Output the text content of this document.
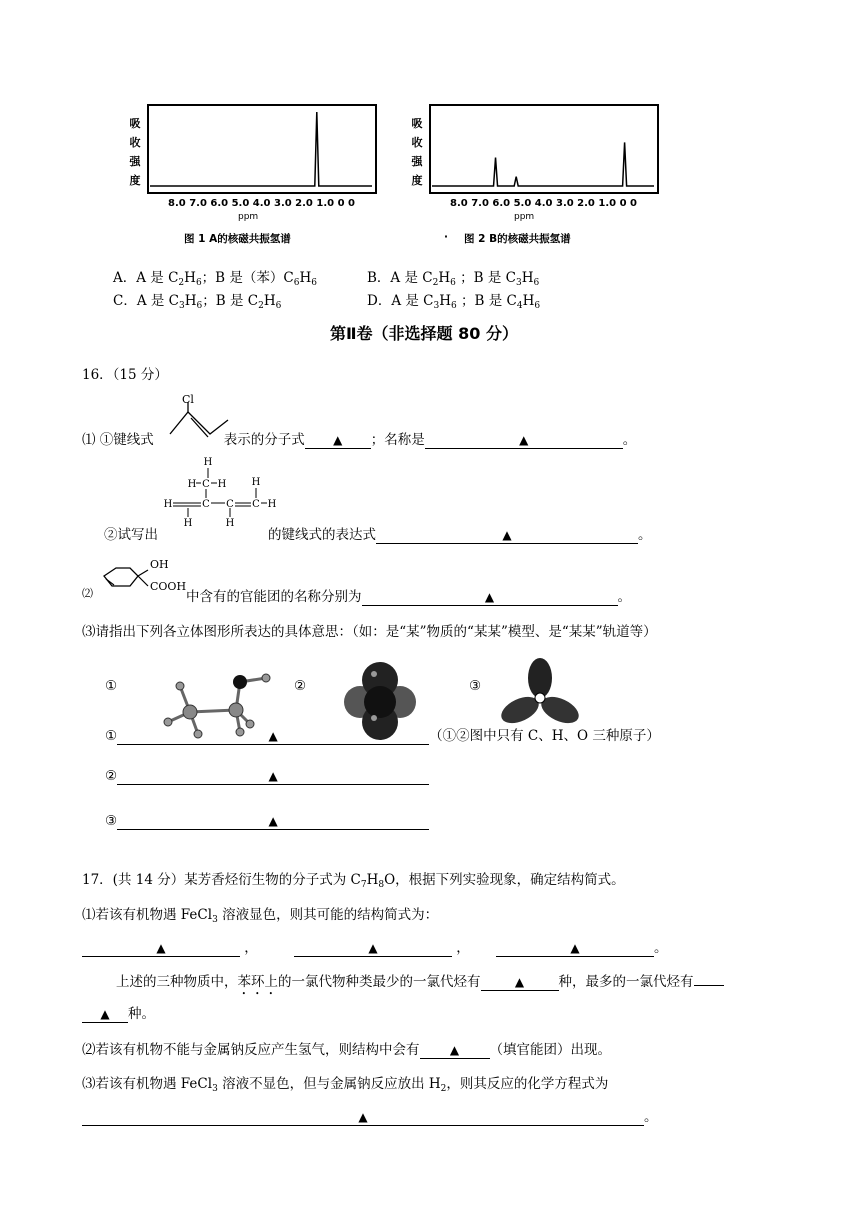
吸
收
强
度
8.0 7.0 6.0 5.0 4.0 3.0 2.0 1.0 0 0
ppm
图 1 A的核磁共振氢谱
吸
收
强
度
8.0 7.0 6.0 5.0 4.0 3.0 2.0 1.0 0 0
ppm
· 图 2 B的核磁共振氢谱
A．A 是 $C_2H_6$；B 是（苯）$C_6H_6$	B．A 是 $C_2H_6$ ；B 是 $C_3H_6$
C．A 是 $C_3H_6$；B 是 $C_2H_6$	D．A 是 $C_3H_6$ ；B 是 $C_4H_6$
第Ⅱ卷（非选择题 80 分）
16．（15 分）
Cl
⑴ ①键线式	表示的分子式 ▲ ；名称是	▲	。
H
H C H
H	C C C H
H	H
H
②试写出	的键线式的表达式	▲	。
OH
COOH
⑵	中含有的官能团的名称分别为	▲	。
⑶请指出下列各立体图形所表达的具体意思：（如：是“某”物质的“某某”模型、是“某某”轨道等）
①	②	③
①	▲	（①②图中只有 C、H、O 三种原子）
②	▲
③	▲
17．(共 14 分）某芳香烃衍生物的分子式为 $C_7H_8O$，根据下列实验现象，确定结构简式。
⑴若该有机物遇 FeCl$_3$ 溶液显色，则其可能的结构简式为：
▲	，	▲	，	▲	。
上述的三种物质中，苯环上的一氯代物种类最少的一氯代烃有	▲	种，最多的一氯代烃有
▲ 种。
⑵若该有机物不能与金属钠反应产生氢气，则结构中会有	▲ （填官能团）出现。
⑶若该有机物遇 FeCl$_3$ 溶液不显色，但与金属钠反应放出 $H_2$，则其反应的化学方程式为
▲	。
